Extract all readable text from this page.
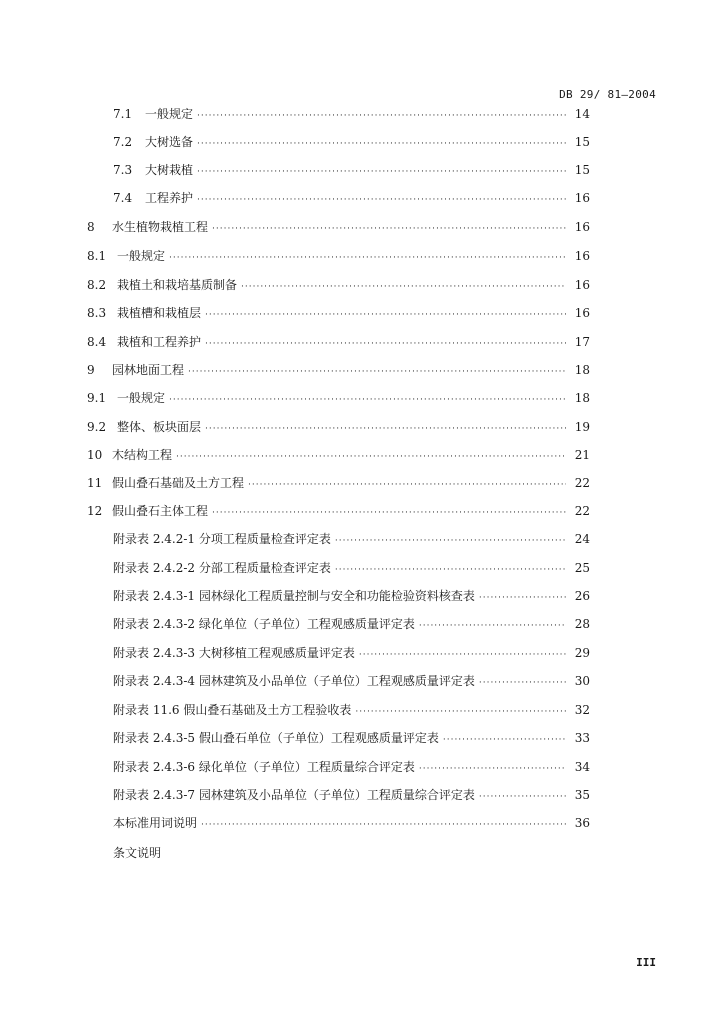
DB 29/ 81—2004
7.1	一般规定 ·····	14
7.2	大树选备 ·····	15
7.3	大树栽植 ·····	15
7.4	工程养护 ·····	16
8	水生植物栽植工程 ·····	16
8.1 一般规定 ·····	16
8.2 栽植土和栽培基质制备 ·····	16
8.3 栽植槽和栽植层 ·····	16
8.4 栽植和工程养护 ·····	17
9	园林地面工程 ·····	18
9.1 一般规定 ·····	18
9.2 整体、板块面层 ·····	19
10 木结构工程 ·····	21
11 假山叠石基础及土方工程 ·····	22
12 假山叠石主体工程 ·····	22
附录表 2.4.2-1 分项工程质量检查评定表 ·····	24
附录表 2.4.2-2 分部工程质量检查评定表 ·····	25
附录表 2.4.3-1 园林绿化工程质量控制与安全和功能检验资料核查表 ·····	26
附录表 2.4.3-2 绿化单位（子单位）工程观感质量评定表 ·····	28
附录表 2.4.3-3 大树移植工程观感质量评定表 ·····	29
附录表 2.4.3-4 园林建筑及小品单位（子单位）工程观感质量评定表 ·····	30
附录表 11.6 假山叠石基础及土方工程验收表 ·····	32
附录表 2.4.3-5 假山叠石单位（子单位）工程观感质量评定表 ·····	33
附录表 2.4.3-6 绿化单位（子单位）工程质量综合评定表 ·····	34
附录表 2.4.3-7 园林建筑及小品单位（子单位）工程质量综合评定表 ·····	35
本标准用词说明 ·····	36
条文说明
III
